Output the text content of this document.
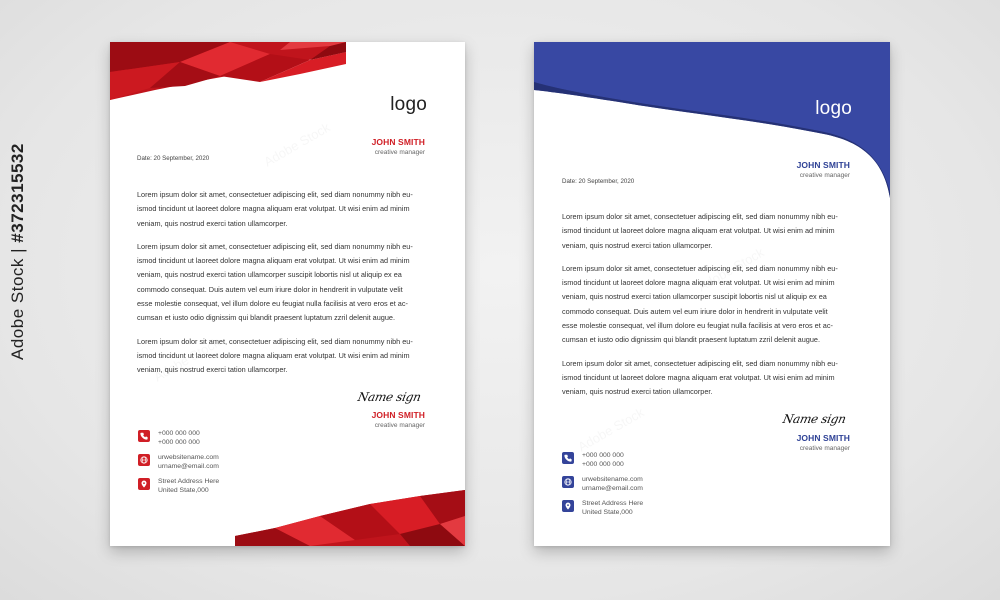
Adobe Stock | #372315532
logo
JOHN SMITH
creative manager
Date: 20 September, 2020

Lorem ipsum dolor sit amet, consectetuer adipiscing elit, sed diam nonummy nibh eu-
ismod tincidunt ut laoreet dolore magna aliquam erat volutpat. Ut wisi enim ad minim
veniam, quis nostrud exerci tation ullamcorper.

Lorem ipsum dolor sit amet, consectetuer adipiscing elit, sed diam nonummy nibh eu-
ismod tincidunt ut laoreet dolore magna aliquam erat volutpat. Ut wisi enim ad minim
veniam, quis nostrud exerci tation ullamcorper suscipit lobortis nisl ut aliquip ex ea
commodo consequat. Duis autem vel eum iriure dolor in hendrerit in vulputate velit
esse molestie consequat, vel illum dolore eu feugiat nulla facilisis at vero eros et ac-
cumsan et iusto odio dignissim qui blandit praesent luptatum zzril delenit augue.

Lorem ipsum dolor sit amet, consectetuer adipiscing elit, sed diam nonummy nibh eu-
ismod tincidunt ut laoreet dolore magna aliquam erat volutpat. Ut wisi enim ad minim
veniam, quis nostrud exerci tation ullamcorper.

Name sign
JOHN SMITH
creative manager
+000 000 000
+000 000 000
urwebsitename.com
urname@email.com
Street Address Here
United State,000
logo
JOHN SMITH
creative manager
Date: 20 September, 2020

Lorem ipsum dolor sit amet, consectetuer adipiscing elit, sed diam nonummy nibh eu-
ismod tincidunt ut laoreet dolore magna aliquam erat volutpat. Ut wisi enim ad minim
veniam, quis nostrud exerci tation ullamcorper.

Lorem ipsum dolor sit amet, consectetuer adipiscing elit, sed diam nonummy nibh eu-
ismod tincidunt ut laoreet dolore magna aliquam erat volutpat. Ut wisi enim ad minim
veniam, quis nostrud exerci tation ullamcorper suscipit lobortis nisl ut aliquip ex ea
commodo consequat. Duis autem vel eum iriure dolor in hendrerit in vulputate velit
esse molestie consequat, vel illum dolore eu feugiat nulla facilisis at vero eros et ac-
cumsan et iusto odio dignissim qui blandit praesent luptatum zzril delenit augue.

Lorem ipsum dolor sit amet, consectetuer adipiscing elit, sed diam nonummy nibh eu-
ismod tincidunt ut laoreet dolore magna aliquam erat volutpat. Ut wisi enim ad minim
veniam, quis nostrud exerci tation ullamcorper.

Name sign
JOHN SMITH
creative manager
+000 000 000
+000 000 000
urwebsitename.com
urname@email.com
Street Address Here
United State,000
